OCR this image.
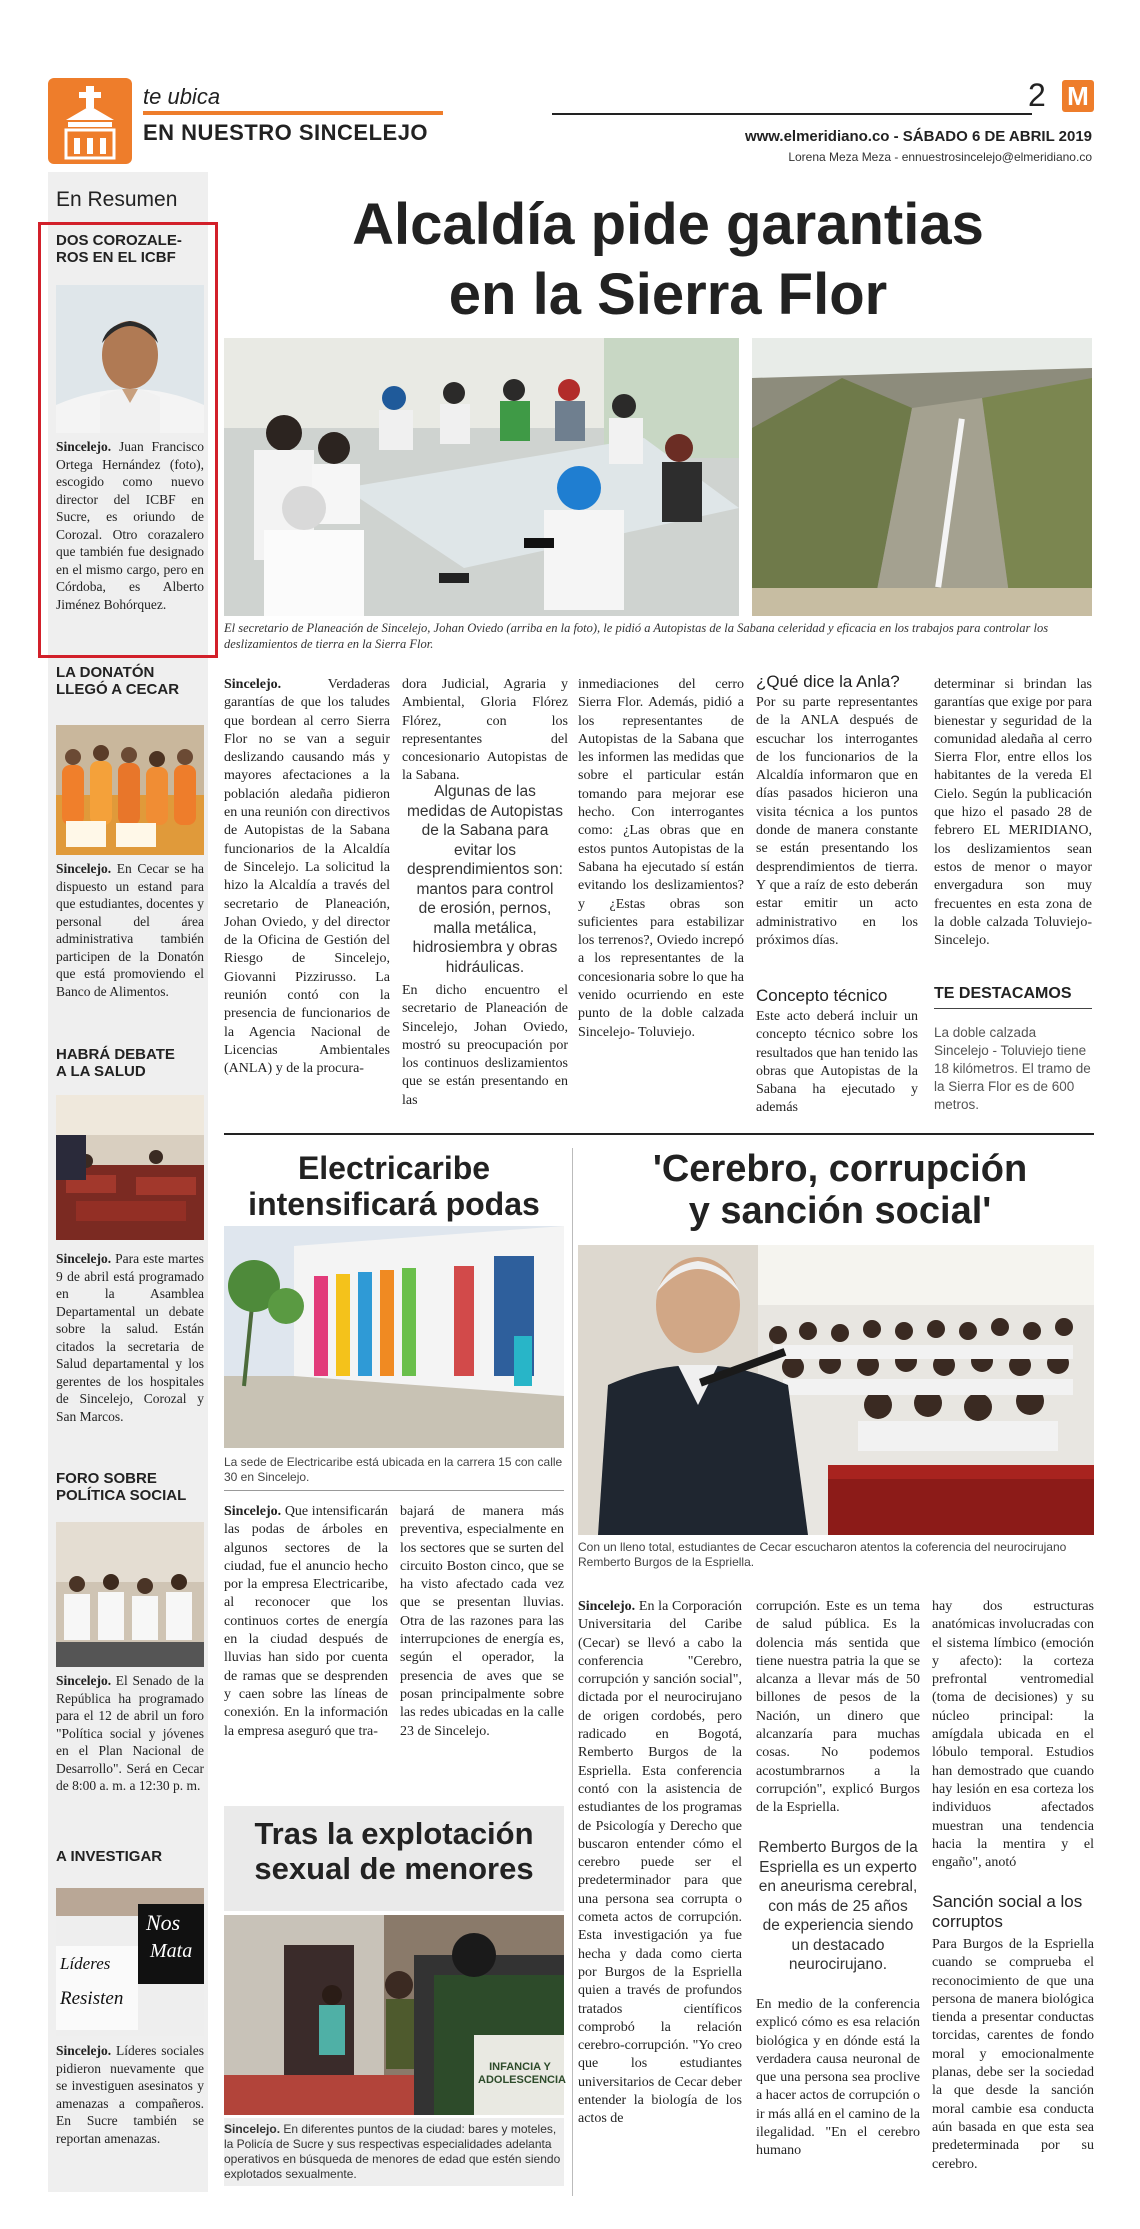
te ubica
EN NUESTRO SINCELEJO
2 M
www.elmeridiano.co - SÁBADO 6 DE ABRIL 2019
Lorena Meza Meza - ennuestrosincelejo@elmeridiano.co
En Resumen
DOS COROZALE-
ROS EN EL ICBF
Sincelejo. Juan Francisco Ortega Hernández (foto), escogido como nuevo director del ICBF en Sucre, es oriundo de Corozal. Otro corazalero que también fue designado en el mismo cargo, pero en Córdoba, es Alberto Jiménez Bohórquez.
LA DONATÓN
LLEGÓ A CECAR
Sincelejo. En Cecar se ha dispuesto un estand para que estudiantes, docentes y personal del área administrativa también participen de la Donatón que está promoviendo el Banco de Alimentos.
HABRÁ DEBATE
A LA SALUD
Sincelejo. Para este martes 9 de abril está programado en la Asamblea Departamental un debate sobre la salud. Están citados la secretaria de Salud departamental y los gerentes de los hospitales de Sincelejo, Corozal y San Marcos.
FORO SOBRE
POLÍTICA SOCIAL
Sincelejo. El Senado de la República ha programado para el 12 de abril un foro "Política social y jóvenes en el Plan Nacional de Desarrollo". Será en Cecar de 8:00 a. m. a 12:30 p. m.
A INVESTIGAR
Nos
Mata
Líderes
Resisten
Sincelejo. Líderes sociales pidieron nuevamente que se investiguen asesinatos y amenazas a compañeros. En Sucre también se reportan amenazas.
Alcaldía pide garantias
en la Sierra Flor
El secretario de Planeación de Sincelejo, Johan Oviedo (arriba en la foto), le pidió a Autopistas de la Sabana celeridad y eficacia en los trabajos para controlar los deslizamientos de tierra en la Sierra Flor.
Sincelejo. Verdaderas garantías de que los taludes que bordean al cerro Sierra Flor no se van a seguir deslizando causando más y mayores afectaciones a la población aledaña pidieron en una reunión con directivos de Autopistas de la Sabana funcionarios de la Alcaldía de Sincelejo. La solicitud la hizo la Alcaldía a través del secretario de Planeación, Johan Oviedo, y del director de la Oficina de Gestión del Riesgo de Sincelejo, Giovanni Pizzirusso. La reunión contó con la presencia de funcionarios de la Agencia Nacional de Licencias Ambientales (ANLA) y de la procura-
dora Judicial, Agraria y Ambiental, Gloria Flórez Flórez, con los representantes del concesionario Autopistas de la Sabana.
Algunas de las medidas de Autopistas de la Sabana para evitar los desprendimientos son: mantos para control de erosión, pernos, malla metálica, hidrosiembra y obras hidráulicas.
En dicho encuentro el secretario de Planeación de Sincelejo, Johan Oviedo, mostró su preocupación por los continuos deslizamientos que se están presentando en las
inmediaciones del cerro Sierra Flor. Además, pidió a los representantes de Autopistas de la Sabana que les informen las medidas que sobre el particular están tomando para mejorar ese hecho. Con interrogantes como: ¿Las obras que en estos puntos Autopistas de la Sabana ha ejecutado sí están evitando los deslizamientos? y ¿Estas obras son suficientes para estabilizar los terrenos?, Oviedo increpó a los representantes de la concesionaria sobre lo que ha venido ocurriendo en este punto de la doble calzada Sincelejo- Toluviejo.
¿Qué dice la Anla?
Por su parte representantes de la ANLA después de escuchar los interrogantes de los funcionarios de la Alcaldía informaron que en días pasados hicieron una visita técnica a los puntos donde de manera constante se están presentando los desprendimientos de tierra. Y que a raíz de esto deberán estar emitir un acto administrativo en los próximos días.
Concepto técnico
Este acto deberá incluir un concepto técnico sobre los resultados que han tenido las obras que Autopistas de la Sabana ha ejecutado y además
determinar si brindan las garantías que exige por para bienestar y seguridad de la comunidad aledaña al cerro Sierra Flor, entre ellos los habitantes de la vereda El Cielo. Según la publicación que hizo el pasado 28 de febrero EL MERIDIANO, los deslizamientos sean estos de menor o mayor envergadura son muy frecuentes en esta zona de la doble calzada Toluviejo-Sincelejo.
TE DESTACAMOS
La doble calzada Sincelejo - Toluviejo tiene 18 kilómetros. El tramo de la Sierra Flor es de 600 metros.
Electricaribe
intensificará podas
La sede de Electricaribe está ubicada en la carrera 15 con calle 30 en Sincelejo.
Sincelejo. Que intensificarán las podas de árboles en algunos sectores de la ciudad, fue el anuncio hecho por la empresa Electricaribe, al reconocer que los continuos cortes de energía en la ciudad después de lluvias han sido por cuenta de ramas que se desprenden y caen sobre las líneas de conexión. En la información la empresa aseguró que tra-
bajará de manera más preventiva, especialmente en los sectores que se surten del circuito Boston cinco, que se ha visto afectado cada vez que se presentan lluvias. Otra de las razones para las interrupciones de energía es, según el operador, la presencia de aves que se posan principalmente sobre las redes ubicadas en la calle 23 de Sincelejo.
Tras la explotación
sexual de menores
INFANCIA Y ADOLESCENCIA
Sincelejo. En diferentes puntos de la ciudad: bares y moteles, la Policía de Sucre y sus respectivas especialidades adelanta operativos en búsqueda de menores de edad que estén siendo explotados sexualmente.
'Cerebro, corrupción
y sanción social'
Con un lleno total, estudiantes de Cecar escucharon atentos la coferencia del neurocirujano Remberto Burgos de la Espriella.
Sincelejo. En la Corporación Universitaria del Caribe (Cecar) se llevó a cabo la conferencia "Cerebro, corrupción y sanción social", dictada por el neurocirujano de origen cordobés, pero radicado en Bogotá, Remberto Burgos de la Espriella. Esta conferencia contó con la asistencia de estudiantes de los programas de Psicología y Derecho que buscaron entender cómo el cerebro puede ser el predeterminador para que una persona sea corrupta o cometa actos de corrupción. Esta investigación ya fue hecha y dada como cierta por Burgos de la Espriella quien a través de profundos tratados científicos comprobó la relación cerebro-corrupción. "Yo creo que los estudiantes universitarios de Cecar deber entender la biología de los actos de
corrupción. Este es un tema de salud pública. Es la dolencia más sentida que tiene nuestra patria la que se alcanza a llevar más de 50 billones de pesos de la Nación, un dinero que alcanzaría para muchas cosas. No podemos acostumbrarnos a la corrupción", explicó Burgos de la Espriella.
Remberto Burgos de la Espriella es un experto en aneurisma cerebral, con más de 25 años de experiencia siendo un destacado neurocirujano.
En medio de la conferencia explicó cómo es esa relación biológica y en dónde está la verdadera causa neuronal de que una persona sea proclive a hacer actos de corrupción o ir más allá en el camino de la ilegalidad. "En el cerebro humano
hay dos estructuras anatómicas involucradas con el sistema límbico (emoción y afecto): la corteza prefrontal ventromedial (toma de decisiones) y su núcleo principal: la amígdala ubicada en el lóbulo temporal. Estudios han demostrado que cuando hay lesión en esa corteza los individuos afectados muestran una tendencia hacia la mentira y el engaño", anotó
Sanción social a los corruptos
Para Burgos de la Espriella cuando se comprueba el reconocimiento de que una persona de manera biológica tienda a presentar conductas torcidas, carentes de fondo moral y emocionalmente planas, debe ser la sociedad la que desde la sanción moral cambie esa conducta aún basada en que esta sea predeterminada por su cerebro.
